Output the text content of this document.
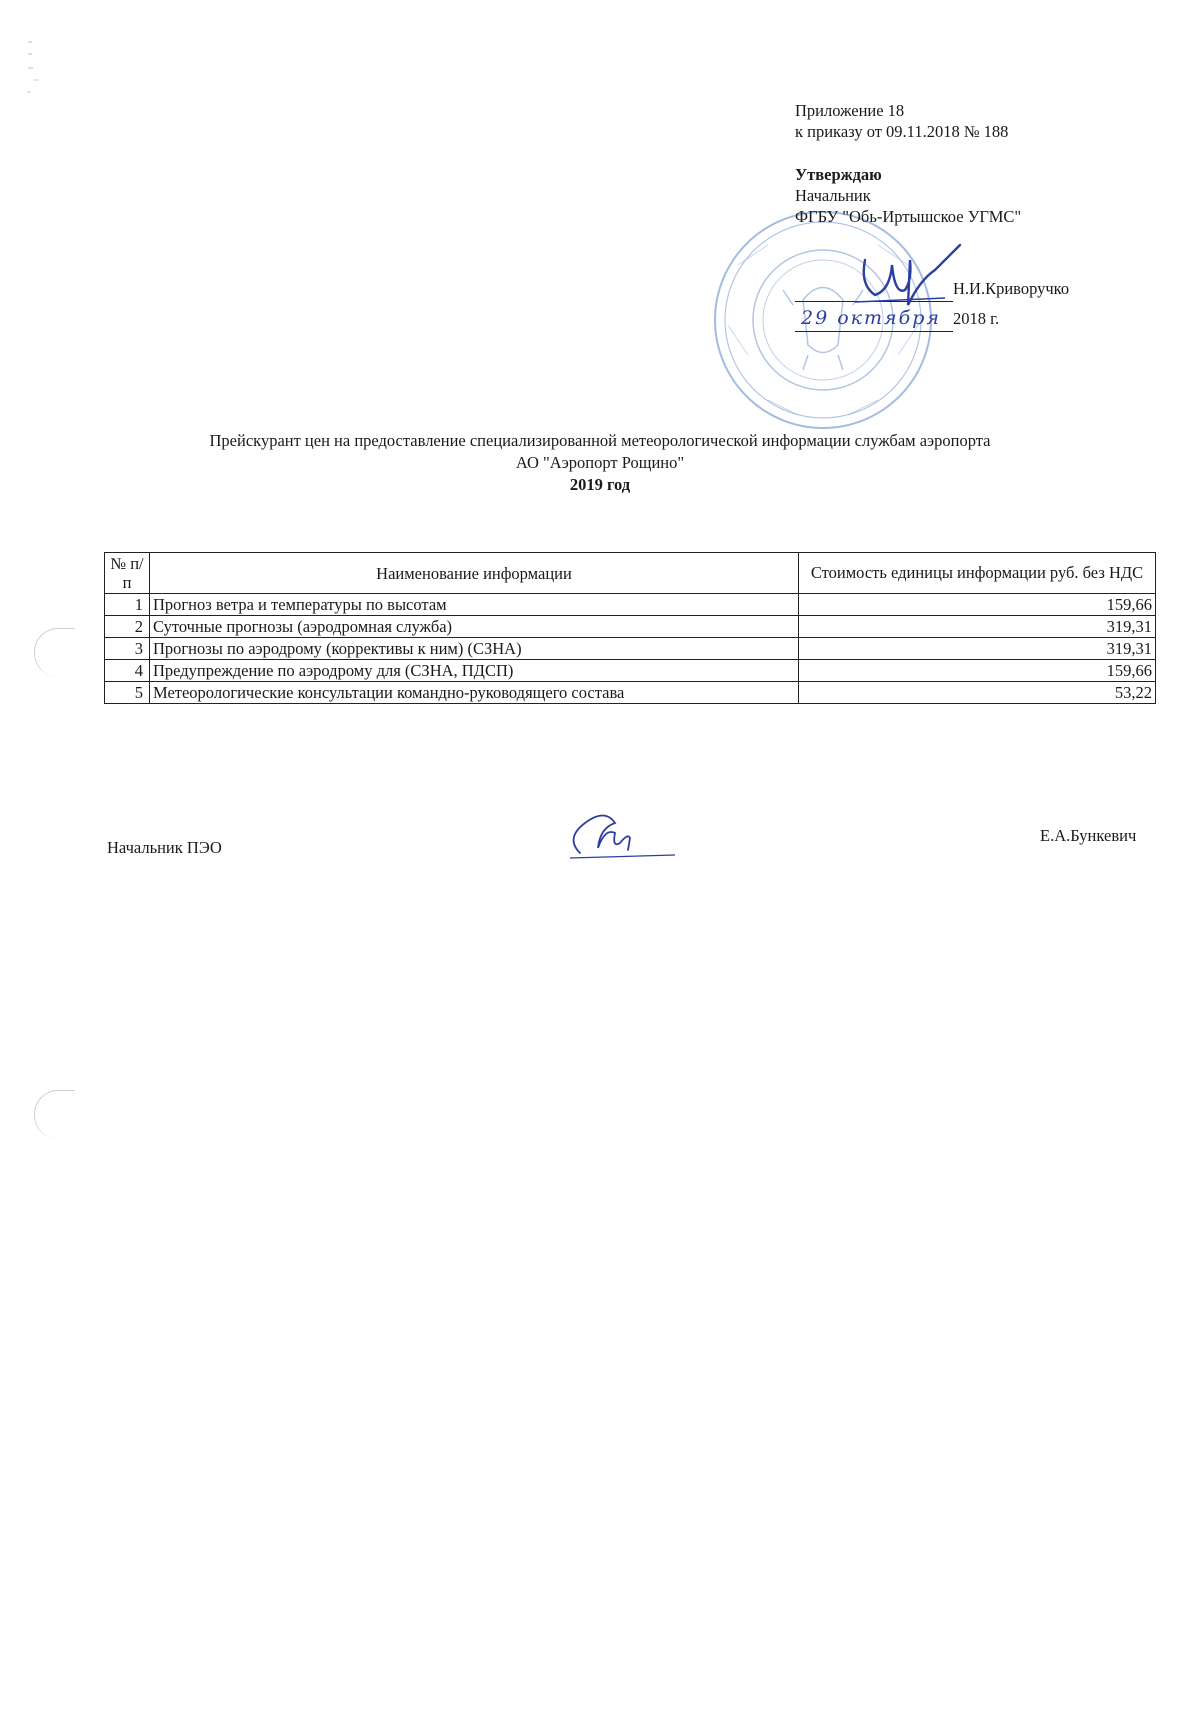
Приложение 18
к приказу от 09.11.2018 № 188
Утверждаю
Начальник
ФГБУ "Обь-Иртышское УГМС"
Н.И.Криворучко
29 октября 2018 г.
Прейскурант цен на предоставление специализированной метеорологической информации службам аэропорта
АО "Аэропорт Рощино"
2019 год
№ п/п	Наименование информации	Стоимость единицы информации руб. без НДС
1	Прогноз ветра и температуры по высотам	159,66
2	Суточные прогнозы (аэродромная служба)	319,31
3	Прогнозы по аэродрому (коррективы к ним) (СЗНА)	319,31
4	Предупреждение по аэродрому для (СЗНА, ПДСП)	159,66
5	Метеорологические консультации командно-руководящего состава	53,22
Начальник ПЭО
Е.А.Бункевич
